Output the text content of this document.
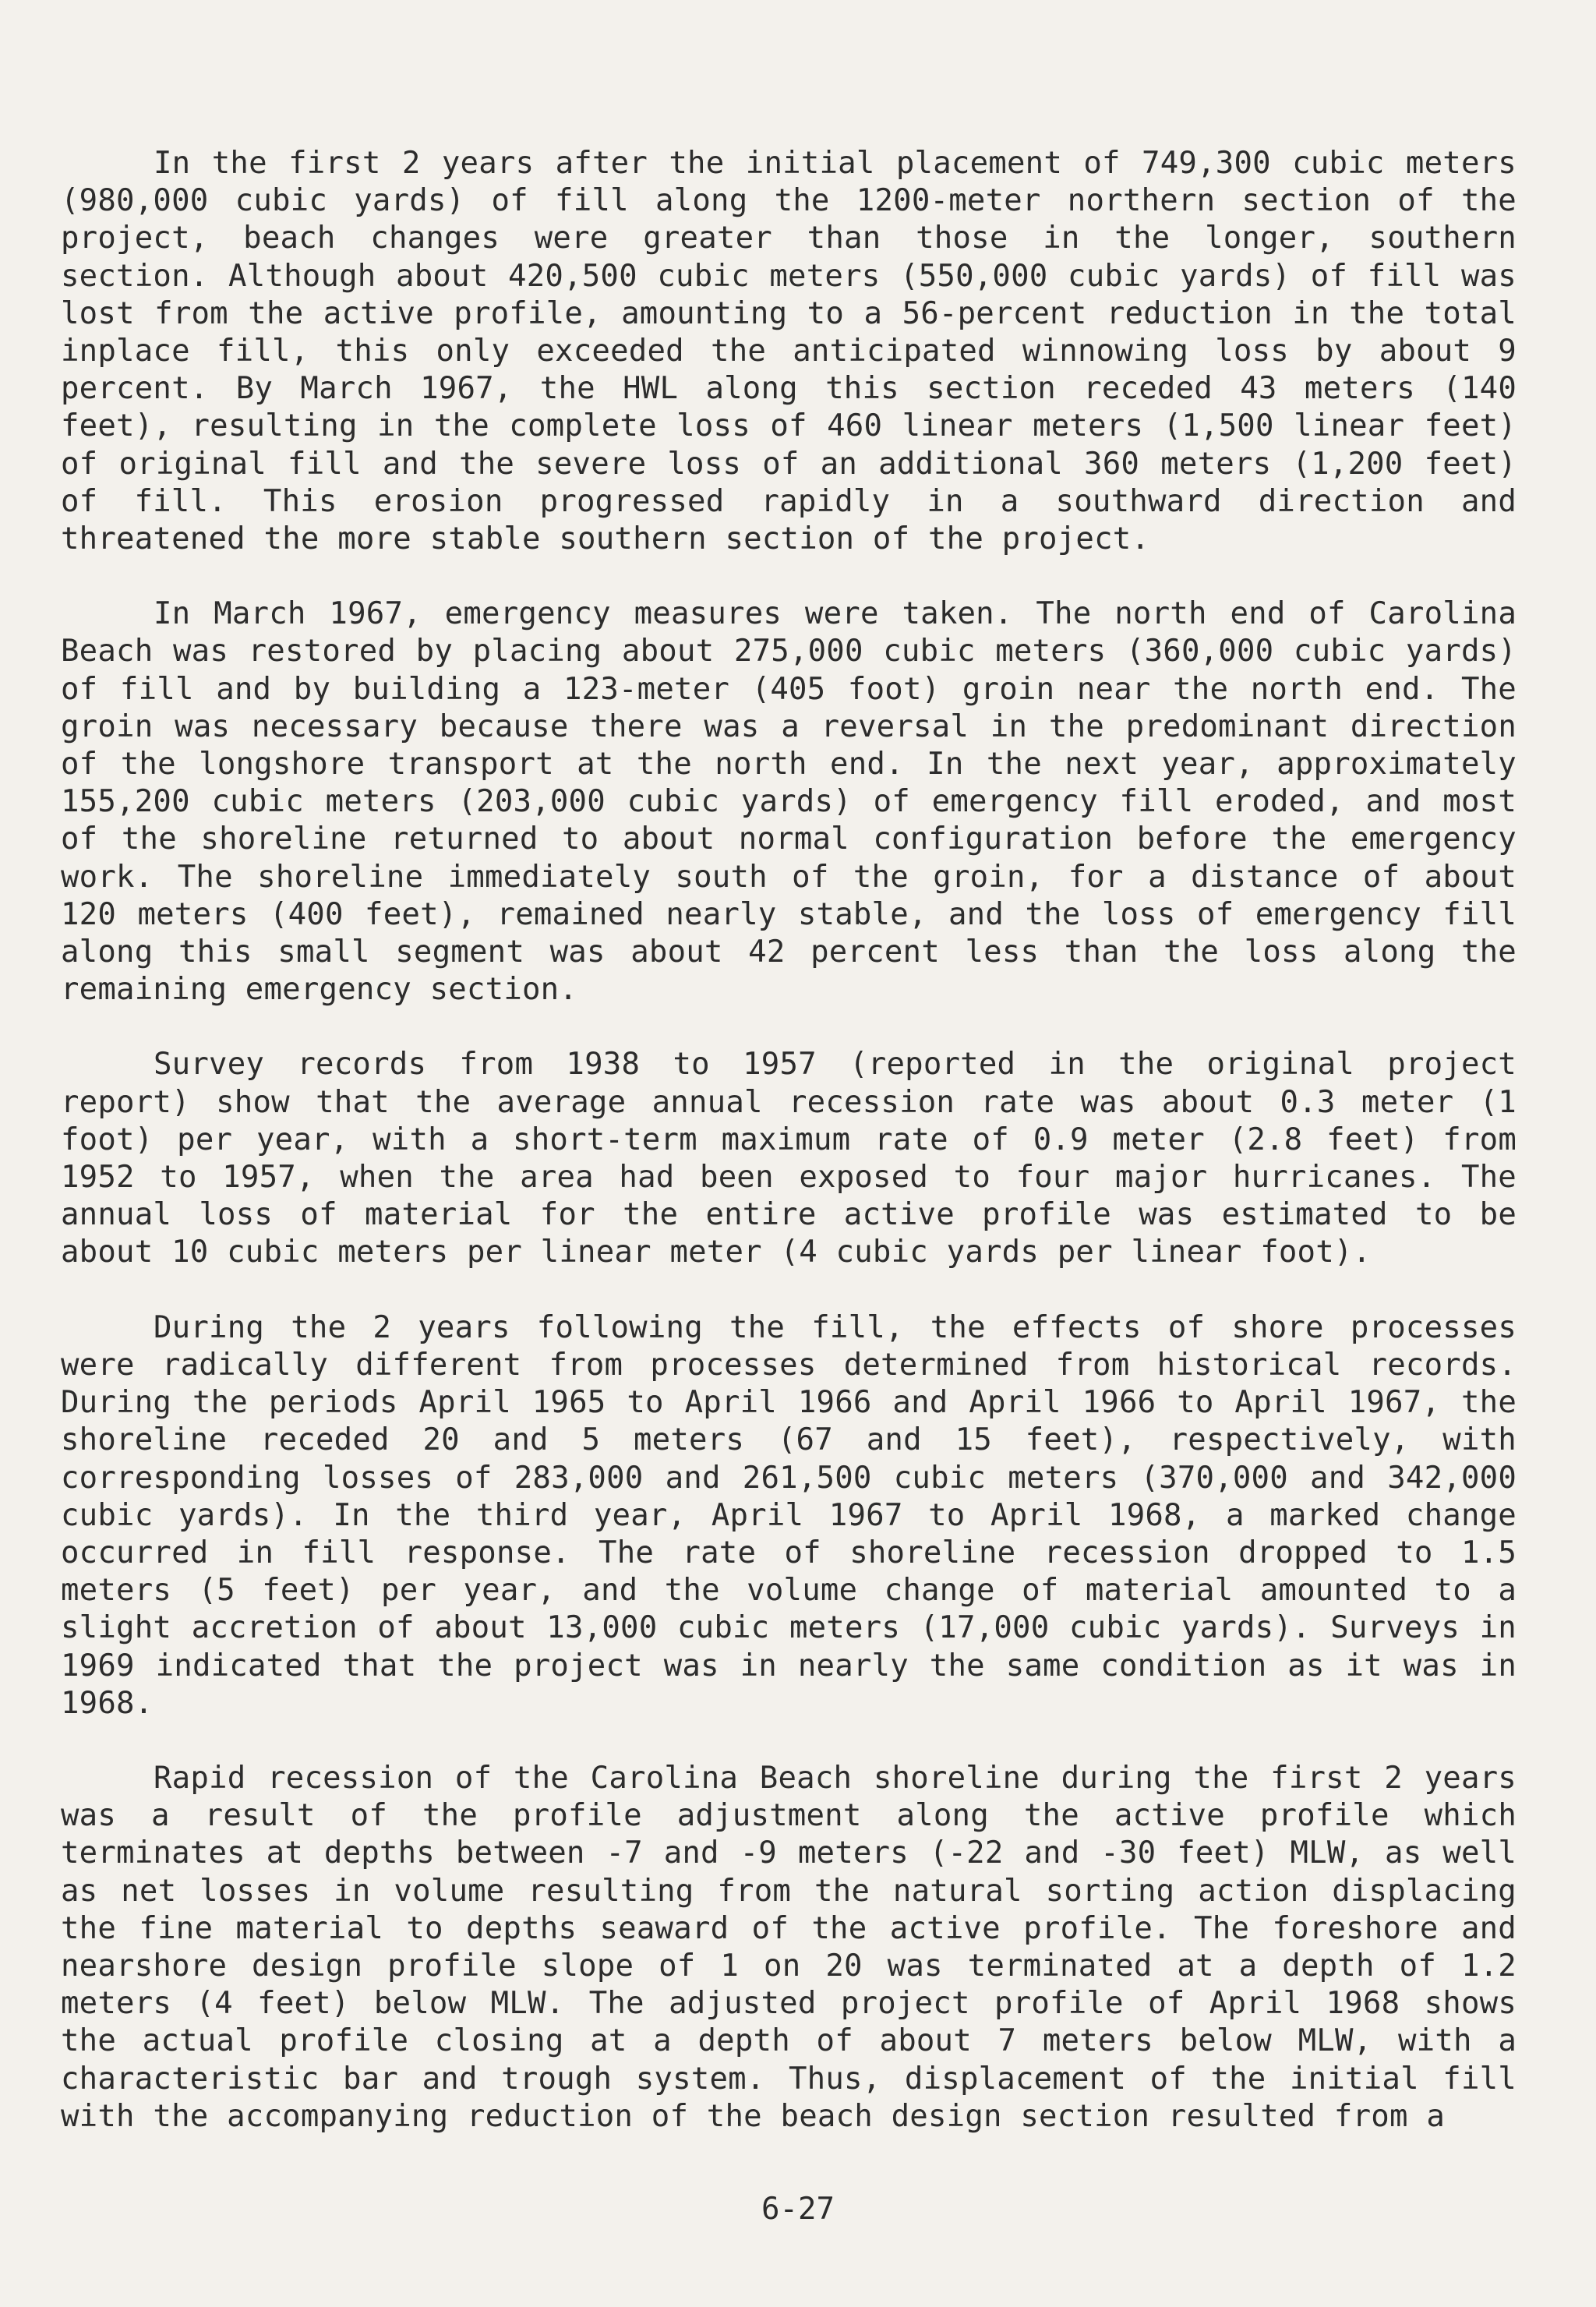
In the first 2 years after the initial placement of 749,300 cubic meters (980,000 cubic yards) of fill along the 1200-meter northern section of the project, beach changes were greater than those in the longer, southern section. Although about 420,500 cubic meters (550,000 cubic yards) of fill was lost from the active profile, amounting to a 56-percent reduction in the total inplace fill, this only exceeded the anticipated winnowing loss by about 9 percent. By March 1967, the HWL along this section receded 43 meters (140 feet), resulting in the complete loss of 460 linear meters (1,500 linear feet) of original fill and the severe loss of an additional 360 meters (1,200 feet) of fill. This erosion progressed rapidly in a southward direction and threatened the more stable southern section of the project.

In March 1967, emergency measures were taken. The north end of Carolina Beach was restored by placing about 275,000 cubic meters (360,000 cubic yards) of fill and by building a 123-meter (405 foot) groin near the north end. The groin was necessary because there was a reversal in the predominant direction of the longshore transport at the north end. In the next year, approximately 155,200 cubic meters (203,000 cubic yards) of emergency fill eroded, and most of the shoreline returned to about normal configuration before the emergency work. The shoreline immediately south of the groin, for a distance of about 120 meters (400 feet), remained nearly stable, and the loss of emergency fill along this small segment was about 42 percent less than the loss along the remaining emergency section.

Survey records from 1938 to 1957 (reported in the original project report) show that the average annual recession rate was about 0.3 meter (1 foot) per year, with a short-term maximum rate of 0.9 meter (2.8 feet) from 1952 to 1957, when the area had been exposed to four major hurricanes. The annual loss of material for the entire active profile was estimated to be about 10 cubic meters per linear meter (4 cubic yards per linear foot).

During the 2 years following the fill, the effects of shore processes were radically different from processes determined from historical records. During the periods April 1965 to April 1966 and April 1966 to April 1967, the shoreline receded 20 and 5 meters (67 and 15 feet), respectively, with corresponding losses of 283,000 and 261,500 cubic meters (370,000 and 342,000 cubic yards). In the third year, April 1967 to April 1968, a marked change occurred in fill response. The rate of shoreline recession dropped to 1.5 meters (5 feet) per year, and the volume change of material amounted to a slight accretion of about 13,000 cubic meters (17,000 cubic yards). Surveys in 1969 indicated that the project was in nearly the same condition as it was in 1968.

Rapid recession of the Carolina Beach shoreline during the first 2 years was a result of the profile adjustment along the active profile which terminates at depths between -7 and -9 meters (-22 and -30 feet) MLW, as well as net losses in volume resulting from the natural sorting action displacing the fine material to depths seaward of the active profile. The foreshore and nearshore design profile slope of 1 on 20 was terminated at a depth of 1.2 meters (4 feet) below MLW. The adjusted project profile of April 1968 shows the actual profile closing at a depth of about 7 meters below MLW, with a characteristic bar and trough system. Thus, displacement of the initial fill with the accompanying reduction of the beach design section resulted from a

6-27
